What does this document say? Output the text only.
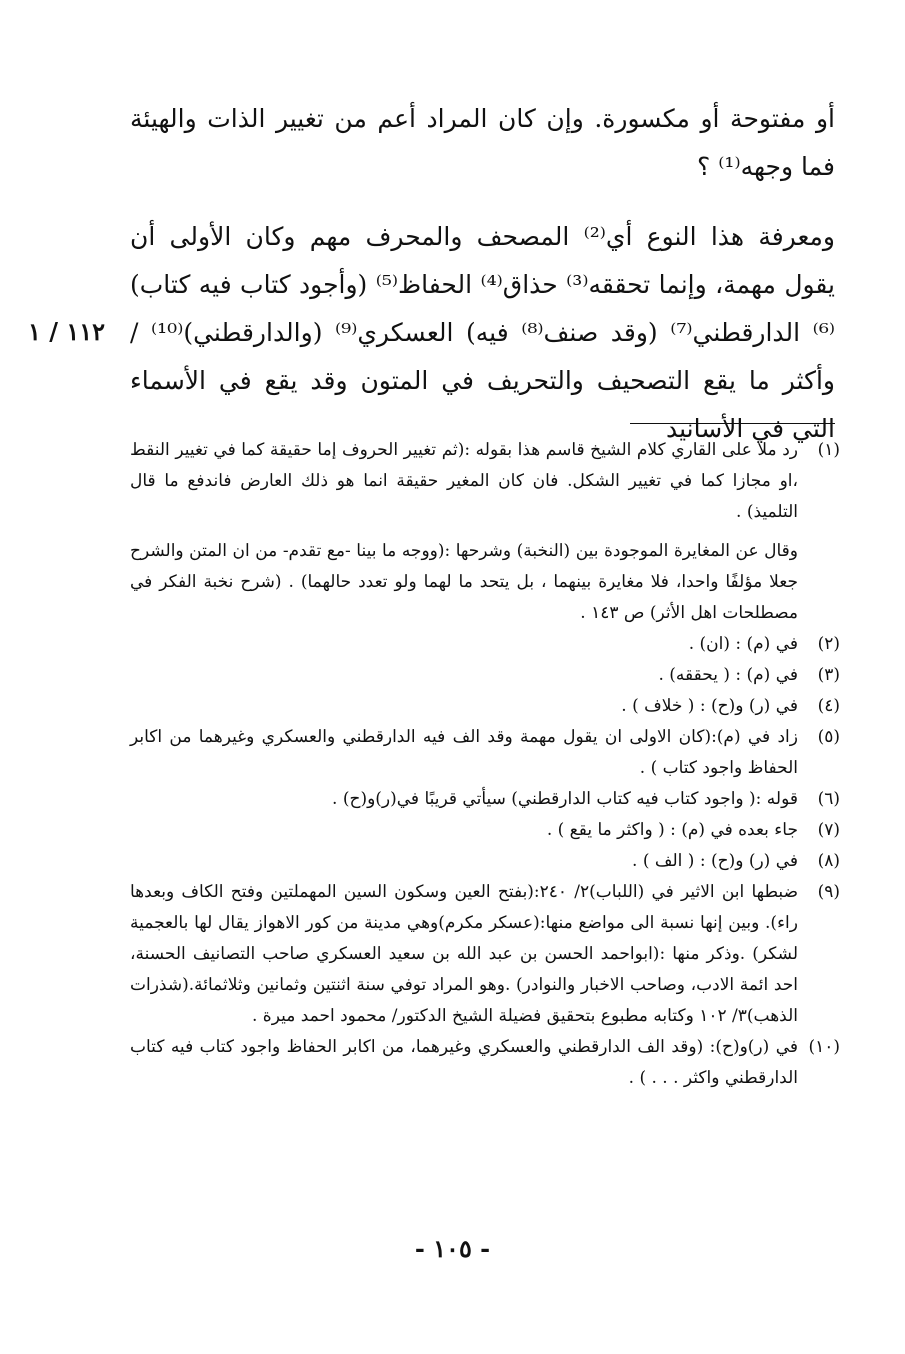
أو مفتوحة أو مكسورة. وإن كان المراد أعم من تغيير الذات والهيئة فما وجهه⁽¹⁾ ؟

ومعرفة هذا النوع أي⁽²⁾ المصحف والمحرف مهم وكان الأولى أن يقول مهمة، وإنما تحققه⁽³⁾ حذاق⁽⁴⁾ الحفاظ⁽⁵⁾ (وأجود كتاب فيه كتاب)⁽⁶⁾ الدارقطني⁽⁷⁾ (وقد صنف⁽⁸⁾ فيه) العسكري⁽⁹⁾ (والدارقطني)⁽¹⁰⁾ / وأكثر ما يقع التصحيف والتحريف في المتون وقد يقع في الأسماء التي في الأسانيد

١١٢ / ١
(١)
رد ملا على القاري كلام الشيخ قاسم هذا بقوله :(ثم تغيير الحروف إما حقيقة كما في تغيير النقط ،او مجازا كما في تغيير الشكل. فان كان المغير حقيقة انما هو ذلك العارض فاندفع ما قال التلميذ) .
وقال عن المغايرة الموجودة بين (النخبة) وشرحها :(ووجه ما بينا -مع تقدم- من ان المتن والشرح جعلا مؤلفًا واحدا، فلا مغايرة بينهما ، بل يتحد ما لهما ولو تعدد حالهما) . (شرح نخبة الفكر في مصطلحات اهل الأثر) ص ١٤٣ .
(٢)
في (م) : (ان) .
(٣)
في (م) : ( يحققه) .
(٤)
في (ر) و(ح) : ( خلاف ) .
(٥)
زاد في (م):(كان الاولى ان يقول مهمة وقد الف فيه الدارقطني والعسكري وغيرهما من اكابر الحفاظ واجود كتاب ) .
(٦)
قوله :( واجود كتاب فيه كتاب الدارقطني) سيأتي قريبًا في(ر)و(ح) .
(٧)
جاء بعده في (م) : ( واكثر ما يقع ) .
(٨)
في (ر) و(ح) : ( الف ) .
(٩)
ضبطها ابن الاثير في (اللباب)٢/ ٢٤٠:(بفتح العين وسكون السين المهملتين وفتح الكاف وبعدها راء). وبين إنها نسبة الى مواضع منها:(عسكر مكرم)وهي مدينة من كور الاهواز يقال لها بالعجمية لشكر) .وذكر منها :(ابواحمد الحسن بن عبد الله بن سعيد العسكري صاحب التصانيف الحسنة، احد ائمة الادب، وصاحب الاخبار والنوادر) .وهو المراد توفي سنة اثنتين وثمانين وثلاثمائة.(شذرات الذهب)٣/ ١٠٢ وكتابه مطبوع بتحقيق فضيلة الشيخ الدكتور/ محمود احمد ميرة .
(١٠)
في (ر)و(ح): (وقد الف الدارقطني والعسكري وغيرهما، من اكابر الحفاظ واجود كتاب فيه كتاب الدارقطني واكثر . . . ) .
- ١٠٥ -
